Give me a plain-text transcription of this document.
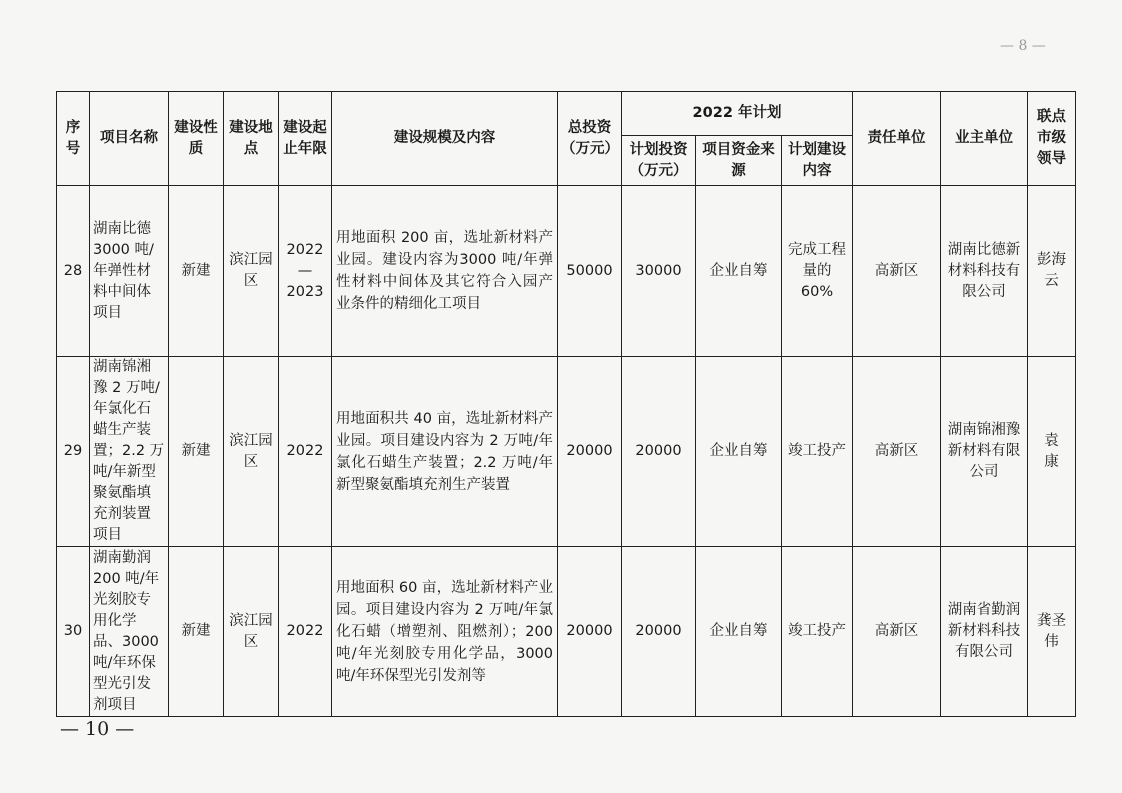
— 8 —
序号	项目名称	建设性质	建设地点	建设起止年限	建设规模及内容	总投资（万元）	2022 年计划			责任单位	业主单位	联点市级领导
							计划投资（万元）	项目资金来源	计划建设内容			
28	湖南比德3000 吨/年弹性材料中间体项目	新建	滨江园区	2022—2023	用地面积 200 亩，选址新材料产业园。建设内容为3000 吨/年弹性材料中间体及其它符合入园产业条件的精细化工项目	50000	30000	企业自筹	完成工程量的 60%	高新区	湖南比德新材料科技有限公司	彭海云
29	湖南锦湘豫 2 万吨/年氯化石蜡生产装置；2.2 万吨/年新型聚氨酯填充剂装置项目	新建	滨江园区	2022	用地面积共 40 亩，选址新材料产业园。项目建设内容为 2 万吨/年氯化石蜡生产装置；2.2 万吨/年新型聚氨酯填充剂生产装置	20000	20000	企业自筹	竣工投产	高新区	湖南锦湘豫新材料有限公司	袁　康
30	湖南勤润200 吨/年光刻胶专用化学品、3000 吨/年环保型光引发剂项目	新建	滨江园区	2022	用地面积 60 亩，选址新材料产业园。项目建设内容为 2 万吨/年氯化石蜡（增塑剂、阻燃剂）；200 吨/年光刻胶专用化学品，3000 吨/年环保型光引发剂等	20000	20000	企业自筹	竣工投产	高新区	湖南省勤润新材料科技有限公司	龚圣伟
— 10 —
